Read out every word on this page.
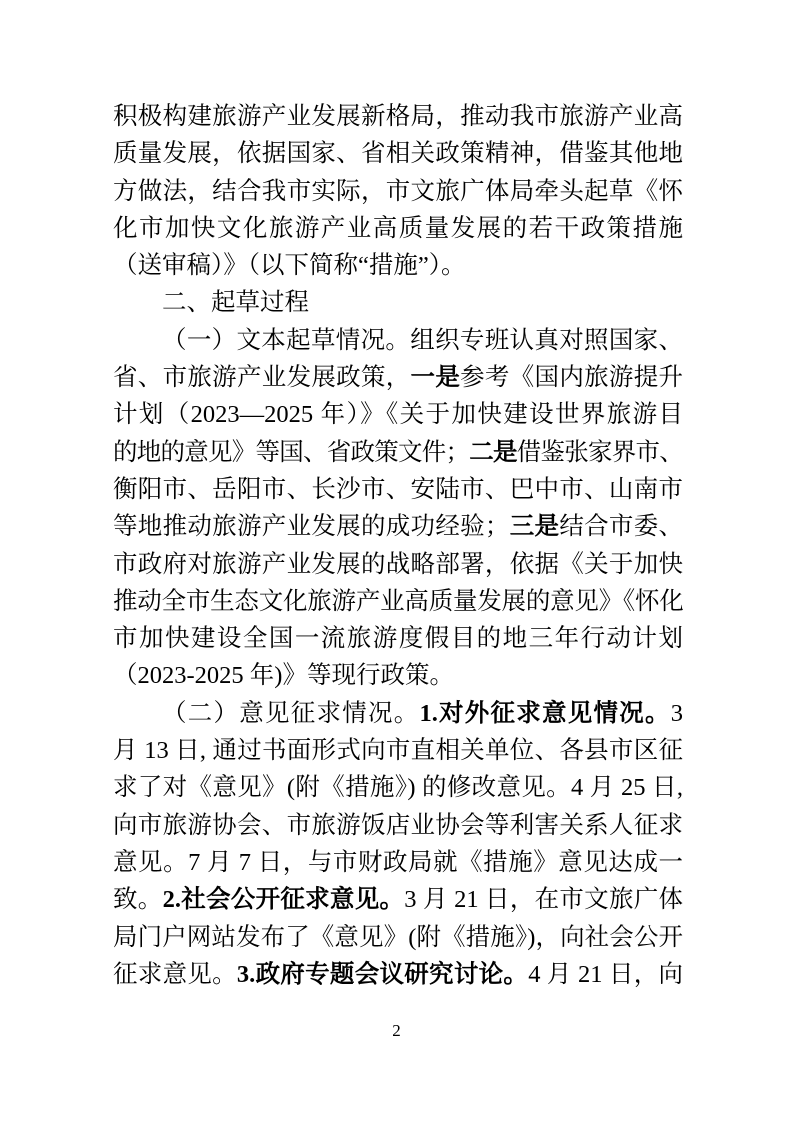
积极构建旅游产业发展新格局，推动我市旅游产业高
质量发展，依据国家、省相关政策精神，借鉴其他地
方做法，结合我市实际，市文旅广体局牵头起草《怀
化市加快文化旅游产业高质量发展的若干政策措施
（送审稿）》（以下简称“措施”）。
二、起草过程
（一）文本起草情况。组织专班认真对照国家、
省、市旅游产业发展政策，一是参考《国内旅游提升
计划（2023—2025 年）》《关于加快建设世界旅游目
的地的意见》等国、省政策文件；二是借鉴张家界市、
衡阳市、岳阳市、长沙市、安陆市、巴中市、山南市
等地推动旅游产业发展的成功经验；三是结合市委、
市政府对旅游产业发展的战略部署，依据《关于加快
推动全市生态文化旅游产业高质量发展的意见》《怀化
市加快建设全国一流旅游度假目的地三年行动计划
（2023-2025 年)》等现行政策。
（二）意见征求情况。1.对外征求意见情况。3
月 13 日, 通过书面形式向市直相关单位、各县市区征
求了对《意见》(附《措施》) 的修改意见。4 月 25 日,
向市旅游协会、市旅游饭店业协会等利害关系人征求
意见。7 月 7 日，与市财政局就《措施》意见达成一
致。2.社会公开征求意见。3 月 21 日，在市文旅广体
局门户网站发布了《意见》(附《措施》)，向社会公开
征求意见。3.政府专题会议研究讨论。4 月 21 日，向
2
